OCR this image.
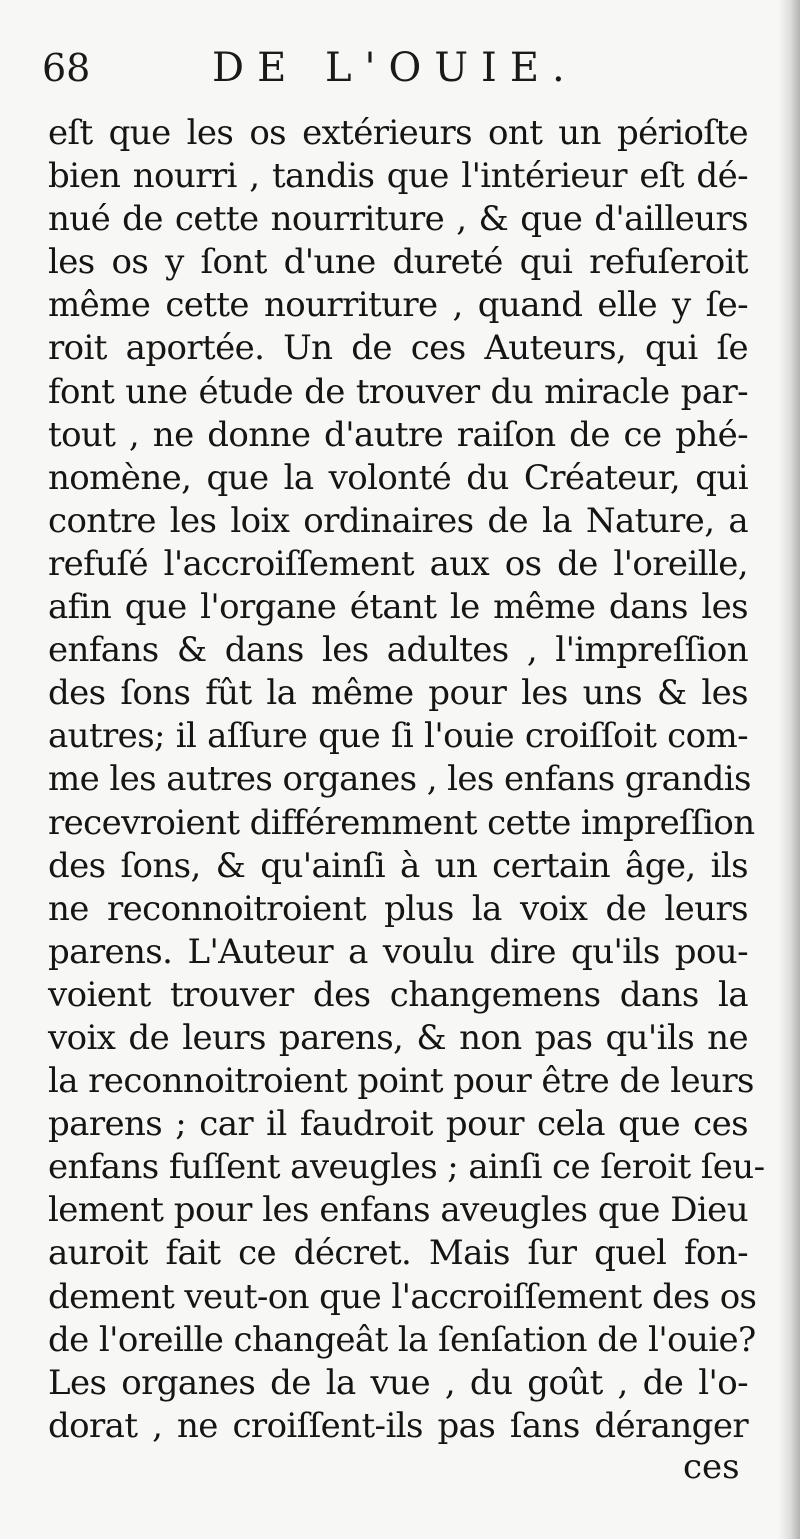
68	DE L'OUIE.
eſt que les os extérieurs ont un périoſte
bien nourri , tandis que l'intérieur eſt dé-
nué de cette nourriture , & que d'ailleurs
les os y ſont d'une dureté qui refuſeroit
même cette nourriture , quand elle y ſe-
roit aportée. Un de ces Auteurs, qui ſe
font une étude de trouver du miracle par-
tout , ne donne d'autre raiſon de ce phé-
nomène, que la volonté du Créateur, qui
contre les loix ordinaires de la Nature, a
refuſé l'accroiſſement aux os de l'oreille,
afin que l'organe étant le même dans les
enfans & dans les adultes , l'impreſſion
des ſons fût la même pour les uns & les
autres; il aſſure que ſi l'ouie croiſſoit com-
me les autres organes , les enfans grandis
recevroient différemment cette impreſſion
des ſons, & qu'ainſi à un certain âge, ils
ne reconnoitroient plus la voix de leurs
parens. L'Auteur a voulu dire qu'ils pou-
voient trouver des changemens dans la
voix de leurs parens, & non pas qu'ils ne
la reconnoitroient point pour être de leurs
parens ; car il faudroit pour cela que ces
enfans fuſſent aveugles ; ainſi ce ſeroit ſeu-
lement pour les enfans aveugles que Dieu
auroit fait ce décret. Mais ſur quel fon-
dement veut-on que l'accroiſſement des os
de l'oreille changeât la ſenſation de l'ouie?
Les organes de la vue , du goût , de l'o-
dorat , ne croiſſent-ils pas ſans déranger
ces
